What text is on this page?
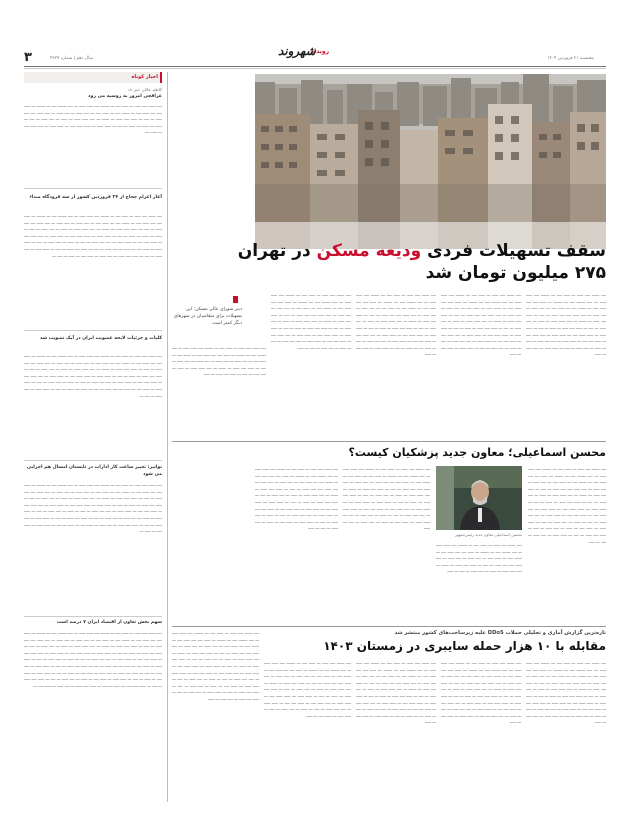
۳	سال دهم | شماره ۴۳۲۹
رویداد
شهروند
پنجشنبه ۲۱ فروردین ۱۴۰۴
اخبار کوتاه
کاظم جلالی خبر داد
عراقچی امروز به روسیه می رود
ــــ ــــــ ــــ ـــــ ـــ ـــــ ــــ ـــ ـــــــ ــــ ـــــ ـــــ ـــ ــــ ـــــــ ــــ ـــ ـــــــ ـــ ـــــ ــــ ــــ ـــــ ــــ ـــ ــــــ ــــ ـــ ـــــ ــــ ـــ ــــ ـــــ ـــ ــــ ـــــ ـــ ــــ ـــــ ــــ ــــ ـــــ ـــ ــــ ـــ ـــــ ــــ ـــــ ـــ ــــــ ـــ ــــ ـــــ ـــــ ـــ ـــــ ـــ ــــ ـــــ ـــ ــــ ـــ ـــــ ــــ ـــــ ـــ ـــــ ـــ ــــ ـــ ـــــ ـــــ ـــ ـــــ ـــــ ــــ ـــ ـــــ ـــــ ـــ ــــ ـــــ ــــ ـــ ـــــ ــــ
آغاز اعزام حجاج از ۲۴ فروردین کشور از سه فرودگاه مبداء
ــــ ــــــ ــــ ـــــ ـــ ـــــ ــــ ـــ ـــــــ ــــ ـــــ ـــــ ـــ ــــ ـــــــ ــــ ـــ ـــــــ ـــ ـــــ ــــ ــــ ـــــ ــــ ـــ ــــــ ــــ ـــ ـــــ ــــ ـــ ــــ ـــــ ـــ ــــ ـــــ ـــ ــــ ـــــ ــــ ــــ ـــــ ـــ ــــ ـــ ـــــ ــــ ـــــ ـــ ــــــ ـــ ــــ ـــــ ـــــ ـــ ـــــ ـــ ــــ ـــــ ـــ ــــ ـــ ـــــ ــــ ـــــ ـــ ـــــ ـــ ــــ ـــ ـــــ ـــــ ـــ ـــــ ـــــ ــــ ـــ ـــــ ـــــ ـــ ــــ ـــــ ــــ ـــ ـــــ ــــ ــــ ـــ ـــــ ـــــ ـــ ــــ ــــ ـــــ ـــ ــــ ـــ ـــــ ـــ ــــ ـــــ ـــ ــــ ـــ ـــــ ـــــ ـــ ـــــ ــــ ـــ ـــــ ـــ ــــ ـــــ ـــ ــــ ـــ ـــــ ــــ ـــــ ـــ ــــ ـــ ـــــ ـــــ ـــ ــــ ـــــ ـــ ــــ ـــ ـــــ ــــ ـــــ ـــ ــــ ـــــ ـــ ـــــ ــــ ـــ ـــــ ـــ ــــ ـــ
کلیات و جزئیات لایحه عضویت ایران در آپک تصویب شد
ــــ ــــــ ــــ ـــــ ـــ ـــــ ــــ ـــ ـــــــ ــــ ـــــ ـــــ ـــ ــــ ـــــــ ــــ ـــ ـــــــ ـــ ـــــ ــــ ــــ ـــــ ــــ ـــ ــــــ ــــ ـــ ـــــ ــــ ـــ ــــ ـــــ ـــ ــــ ـــــ ـــ ــــ ـــــ ــــ ــــ ـــــ ـــ ــــ ـــ ـــــ ــــ ـــــ ـــ ــــــ ـــ ــــ ـــــ ـــــ ـــ ـــــ ـــ ــــ ـــــ ـــ ــــ ـــ ـــــ ــــ ـــــ ـــ ـــــ ـــ ــــ ـــ ـــــ ـــــ ـــ ـــــ ـــــ ــــ ـــ ـــــ ـــــ ـــ ــــ ـــــ ــــ ـــ ـــــ ــــ ــــ ـــ ـــــ ـــــ ـــ ــــ ــــ ـــــ ـــ ــــ ـــ ـــــ ـــ ــــ ـــــ ـــ ــــ ـــ ـــــ ـــــ ـــ ـــــ ــــ ـــ ـــــ ـــ ــــ ـــــ ـــ ــــ ـــ ـــــ ــــ ـــــ ـــ ــــ ـــ ـــــ ـــــ ـــ ــــ ـــــ ـــ ــــ ـــ
توانیر: تغییر ساعت کار ادارات در تابستان امسال هم اجرایی می شود
ــــ ــــــ ــــ ـــــ ـــ ـــــ ــــ ـــ ـــــــ ــــ ـــــ ـــــ ـــ ــــ ـــــــ ــــ ـــ ـــــــ ـــ ـــــ ــــ ــــ ـــــ ــــ ـــ ــــــ ــــ ـــ ـــــ ــــ ـــ ــــ ـــــ ـــ ــــ ـــــ ـــ ــــ ـــــ ــــ ــــ ـــــ ـــ ــــ ـــ ـــــ ــــ ـــــ ـــ ــــــ ـــ ــــ ـــــ ـــــ ـــ ـــــ ـــ ــــ ـــــ ـــ ــــ ـــ ـــــ ــــ ـــــ ـــ ـــــ ـــ ــــ ـــ ـــــ ـــــ ـــ ـــــ ـــــ ــــ ـــ ـــــ ـــــ ـــ ــــ ـــــ ــــ ـــ ـــــ ــــ ــــ ـــ ـــــ ـــــ ـــ ــــ ــــ ـــــ ـــ ــــ ـــ ـــــ ـــ ــــ ـــــ ـــ ــــ ـــ ـــــ ـــــ ـــ ـــــ ــــ ـــ ـــــ ـــ ــــ ـــــ ـــ ــــ ـــ ـــــ ــــ ـــــ ـــ ــــ ـــ ـــــ ـــــ ـــ ــــ ـــــ ـــ ــــ ـــ ـــــ ــــ ـــــ ـــ ــــ ـــــ ـــ ـــــ ــــ ـــ ـــــ ـــ ــــ ـــ ـــــ ـــــ ـــ ـــــ ــــ ـــ ـــــ ـــ
سهم بخش تعاون از اقتصاد ایران ۷ درصد است
ــــ ــــــ ــــ ـــــ ـــ ـــــ ــــ ـــ ـــــــ ــــ ـــــ ـــــ ـــ ــــ ـــــــ ــــ ـــ ـــــــ ـــ ـــــ ــــ ــــ ـــــ ــــ ـــ ــــــ ــــ ـــ ـــــ ــــ ـــ ــــ ـــــ ـــ ــــ ـــــ ـــ ــــ ـــــ ــــ ــــ ـــــ ـــ ــــ ـــ ـــــ ــــ ـــــ ـــ ــــــ ـــ ــــ ـــــ ـــــ ـــ ـــــ ـــ ــــ ـــــ ـــ ــــ ـــ ـــــ ــــ ـــــ ـــ ـــــ ـــ ــــ ـــ ـــــ ـــــ ـــ ـــــ ـــــ ــــ ـــ ـــــ ـــــ ـــ ــــ ـــــ ــــ ـــ ـــــ ــــ ــــ ـــ ـــــ ـــــ ـــ ــــ ــــ ـــــ ـــ ــــ ـــ ـــــ ـــ ــــ ـــــ ـــ ــــ ـــ ـــــ ـــــ ـــ ـــــ ــــ ـــ ـــــ ـــ ــــ ـــــ ـــ ــــ ـــ ـــــ ــــ ـــــ ـــ ــــ ـــ ـــــ ـــــ ـــ ــــ ـــــ ـــ ــــ ـــ ـــــ ــــ ـــــ ـــ ــــ ـــــ ـــ ـــــ ــــ ـــ ـــــ ـــ ــــ ـــ ـــــ ـــــ ـــ ـــــ ــــ ـــ ـــــ ـــ ــــ ـــ ـــــ ـــــ ـــ ـــــ ــــ ـــ ـــــ ـــ ــــ ـــــ ـــ ــــ ـــ ـــــ ــــ ـــــ ـــ ــــ ـــ ـــــ ـــــ ـــ ــــ ـــــ ـــ ــــ ـــ ـــــ ــــ ـــــ ـــ ــــ ـــــ ـــ ـــــ ــــ ـــ
سقف تسهیلات فردی ودیعه مسکن در تهران
۲۷۵ میلیون تومان شد
ــــ ــــــ ــــ ـــــ ـــ ـــــ ــــ ـــ ـــــــ ــــ ـــــ ـــــ ـــ ــــ ـــــــ ــــ ـــ ـــــــ ـــ ـــــ ــــ ــــ ـــــ ــــ ـــ ــــــ ــــ ـــ ـــــ ــــ ـــ ــــ ـــــ ـــ ــــ ـــــ ـــ ــــ ـــــ ــــ ــــ ـــــ ـــ ــــ ـــ ـــــ ــــ ـــــ ـــ ــــــ ـــ ــــ ـــــ ـــــ ـــ ـــــ ـــ ــــ ـــــ ـــ ــــ ـــ ـــــ ــــ ـــــ ـــ ـــــ ـــ ــــ ـــ ـــــ ـــــ ـــ ـــــ ـــــ ــــ ـــ ـــــ ـــــ ـــ ــــ ـــــ ــــ ـــ ـــــ ــــ ــــ ـــ ـــــ ـــــ ـــ ــــ ــــ ـــــ ـــ ــــ ـــ ـــــ ـــ ــــ ـــــ ـــ ــــ ـــ ـــــ ـــــ ـــ ـــــ ــــ ـــ ـــــ
ــــ ــــــ ــــ ـــــ ـــ ـــــ ــــ ـــ ـــــــ ــــ ـــــ ـــــ ـــ ــــ ـــــــ ــــ ـــ ـــــــ ـــ ـــــ ــــ ــــ ـــــ ــــ ـــ ــــــ ــــ ـــ ـــــ ــــ ـــ ــــ ـــــ ـــ ــــ ـــــ ـــ ــــ ـــــ ــــ ــــ ـــــ ـــ ــــ ـــ ـــــ ــــ ـــــ ـــ ــــــ ـــ ــــ ـــــ ـــــ ـــ ـــــ ـــ ــــ ـــــ ـــ ــــ ـــ ـــــ ــــ ـــــ ـــ ـــــ ـــ ــــ ـــ ـــــ ـــــ ـــ ـــــ ـــــ ــــ ـــ ـــــ ـــــ ـــ ــــ ـــــ ــــ ـــ ـــــ ــــ ــــ ـــ ـــــ ـــــ ـــ ــــ ــــ ـــــ ـــ ــــ ـــ ـــــ ـــ ــــ ـــــ ـــ ــــ ـــ ـــــ ـــــ ـــ ـــــ ــــ ـــ ـــــ
ــــ ــــــ ــــ ـــــ ـــ ـــــ ــــ ـــ ـــــــ ــــ ـــــ ـــــ ـــ ــــ ـــــــ ــــ ـــ ـــــــ ـــ ـــــ ــــ ــــ ـــــ ــــ ـــ ــــــ ــــ ـــ ـــــ ــــ ـــ ــــ ـــــ ـــ ــــ ـــــ ـــ ــــ ـــــ ــــ ــــ ـــــ ـــ ــــ ـــ ـــــ ــــ ـــــ ـــ ــــــ ـــ ــــ ـــــ ـــــ ـــ ـــــ ـــ ــــ ـــــ ـــ ــــ ـــ ـــــ ــــ ـــــ ـــ ـــــ ـــ ــــ ـــ ـــــ ـــــ ـــ ـــــ ـــــ ــــ ـــ ـــــ ـــــ ـــ ــــ ـــــ ــــ ـــ ـــــ ــــ ــــ ـــ ـــــ ـــــ ـــ ــــ ــــ ـــــ ـــ ــــ ـــ ـــــ ـــ ــــ ـــــ ـــ ــــ ـــ ـــــ ـــــ ـــ ـــــ ــــ ـــ ـــــ
ــــ ــــــ ــــ ـــــ ـــ ـــــ ــــ ـــ ـــــــ ــــ ـــــ ـــــ ـــ ــــ ـــــــ ــــ ـــ ـــــــ ـــ ـــــ ــــ ــــ ـــــ ــــ ـــ ــــــ ــــ ـــ ـــــ ــــ ـــ ــــ ـــــ ـــ ــــ ـــــ ـــ ــــ ـــــ ــــ ــــ ـــــ ـــ ــــ ـــ ـــــ ــــ ـــــ ـــ ــــــ ـــ ــــ ـــــ ـــــ ـــ ـــــ ـــ ــــ ـــــ ـــ ــــ ـــ ـــــ ــــ ـــــ ـــ ـــــ ـــ ــــ ـــ ـــــ ـــــ ـــ ـــــ ـــــ ــــ ـــ ـــــ ـــــ ـــ ــــ ـــــ ــــ ـــ ـــــ ــــ ــــ ـــ ـــــ ـــــ ـــ ــــ ــــ ـــــ ـــ ــــ ـــ ـــــ ـــ ــــ ـــــ ـــ ــــ ـــ ـــــ
دبیر شورای عالی مسکن: این تسهیلات برای متقاضیان در شهرهای دیگر کمتر است
ــــ ــــــ ــــ ـــــ ـــ ـــــ ــــ ـــ ـــــــ ــــ ـــــ ـــــ ـــ ــــ ـــــــ ــــ ـــ ـــــــ ـــ ـــــ ــــ ــــ ـــــ ــــ ـــ ــــــ ــــ ـــ ـــــ ــــ ـــ ــــ ـــــ ـــ ــــ ـــــ ـــ ــــ ـــــ ــــ ــــ ـــــ ـــ ــــ ـــ ـــــ ــــ ـــــ ـــ ــــــ ـــ ــــ ـــــ ـــــ ـــ ـــــ ـــ ــــ ـــــ ـــ ــــ ـــ ـــــ ــــ ـــــ ـــ ـــــ
محسن اسماعیلی؛ معاون جدید پزشکیان کیست؟
ــــ ــــــ ــــ ـــــ ـــ ـــــ ــــ ـــ ـــــــ ــــ ـــــ ـــــ ـــ ــــ ـــــــ ــــ ـــ ـــــــ ـــ ـــــ ــــ ــــ ـــــ ــــ ـــ ــــــ ــــ ـــ ـــــ ــــ ـــ ــــ ـــــ ـــ ــــ ـــــ ـــ ــــ ـــــ ــــ ــــ ـــــ ـــ ــــ ـــ ـــــ ــــ ـــــ ـــ ــــــ ـــ ــــ ـــــ ـــــ ـــ ـــــ ـــ ــــ ـــــ ـــ ــــ ـــ ـــــ ــــ ـــــ ـــ ـــــ ـــ ــــ ـــ ـــــ ـــــ ـــ ـــــ ـــــ ــــ ـــ ـــــ ـــــ ـــ ــــ ـــــ ــــ ـــ ـــــ ــــ ــــ ـــ ـــــ ـــــ ـــ ــــ ــــ ـــــ ـــ ــــ ـــ ـــــ ـــ ــــ ـــــ ـــ ــــ ـــ ـــــ ـــــ ـــ ـــــ ــــ ـــ ـــــ ـــ ــــ ـــــ ـــ ــــ ـــ ـــــ ــــ ـــــ ـــ ــــ ـــ ـــــ ـــــ ـــ ــــ ـــــ ـــ ــــ ـــ ـــــ
محسن اسماعیلی معاون جدید رئیس‌جمهور
ــــ ــــــ ــــ ـــــ ـــ ـــــ ــــ ـــ ـــــــ ــــ ـــــ ـــــ ـــ ــــ ـــــــ ــــ ـــ ـــــــ ـــ ـــــ ــــ ــــ ـــــ ــــ ـــ ــــــ ــــ ـــ ـــــ ــــ ـــ ــــ ـــــ ـــ ــــ ـــــ ـــ ــــ ـــــ ــــ ــــ ـــــ ـــ ــــ ـــ ـــــ ــــ ـــــ ـــ ــــــ ـــ ــــ ـــــ ـــــ ـــ ـــــ ـــ ــــ ـــــ ـــ ــــ ـــ ـــــ
ــــ ــــــ ــــ ـــــ ـــ ـــــ ــــ ـــ ـــــــ ــــ ـــــ ـــــ ـــ ــــ ـــــــ ــــ ـــ ـــــــ ـــ ـــــ ــــ ــــ ـــــ ــــ ـــ ــــــ ــــ ـــ ـــــ ــــ ـــ ــــ ـــــ ـــ ــــ ـــــ ـــ ــــ ـــــ ــــ ــــ ـــــ ـــ ــــ ـــ ـــــ ــــ ـــــ ـــ ــــــ ـــ ــــ ـــــ ـــــ ـــ ـــــ ـــ ــــ ـــــ ـــ ــــ ـــ ـــــ ــــ ـــــ ـــ ـــــ ـــ ــــ ـــ ـــــ ـــــ ـــ ـــــ ـــــ ــــ ـــ ـــــ ـــــ ـــ ــــ ـــــ ــــ ـــ ـــــ ــــ ــــ ـــ ـــــ ـــــ ـــ ــــ ــــ ـــــ ـــ ــــ ـــ ـــــ ـــ ــــ ـــــ ـــ ــــ ـــ ـــــ ـــــ ـــ ـــــ ــــ ـــ ـــــ ـــ ــــ ـــــ ـــ ــــ ـــ ـــــ
ــــ ــــــ ــــ ـــــ ـــ ـــــ ــــ ـــ ـــــــ ــــ ـــــ ـــــ ـــ ــــ ـــــــ ــــ ـــ ـــــــ ـــ ـــــ ــــ ــــ ـــــ ــــ ـــ ــــــ ــــ ـــ ـــــ ــــ ـــ ــــ ـــــ ـــ ــــ ـــــ ـــ ــــ ـــــ ــــ ــــ ـــــ ـــ ــــ ـــ ـــــ ــــ ـــــ ـــ ــــــ ـــ ــــ ـــــ ـــــ ـــ ـــــ ـــ ــــ ـــــ ـــ ــــ ـــ ـــــ ــــ ـــــ ـــ ـــــ ـــ ــــ ـــ ـــــ ـــــ ـــ ـــــ ـــــ ــــ ـــ ـــــ ـــــ ـــ ــــ ـــــ ــــ ـــ ـــــ ــــ ــــ ـــ ـــــ ـــــ ـــ ــــ ــــ ـــــ ـــ ــــ ـــ ـــــ ـــ ــــ ـــــ ـــ ــــ ـــ ـــــ ـــــ ـــ ـــــ ــــ ـــ ـــــ ـــ ــــ ـــــ ـــ ــــ ـــ ـــــ
تازه‌ترین گزارش آماری و تحلیلی حملات DDoS علیه زیرساخت‌های کشور منتشر شد
مقابله با ۱۰ هزار حمله سایبری در زمستان ۱۴۰۳
ــــ ــــــ ــــ ـــــ ـــ ـــــ ــــ ـــ ـــــــ ــــ ـــــ ـــــ ـــ ــــ ـــــــ ــــ ـــ ـــــــ ـــ ـــــ ــــ ــــ ـــــ ــــ ـــ ــــــ ــــ ـــ ـــــ ــــ ـــ ــــ ـــــ ـــ ــــ ـــــ ـــ ــــ ـــــ ــــ ــــ ـــــ ـــ ــــ ـــ ـــــ ــــ ـــــ ـــ ــــــ ـــ ــــ ـــــ ـــــ ـــ ـــــ ـــ ــــ ـــــ ـــ ــــ ـــ ـــــ ــــ ـــــ ـــ ـــــ ـــ ــــ ـــ ـــــ ـــــ ـــ ـــــ ـــــ ــــ ـــ ـــــ ـــــ ـــ ــــ ـــــ ــــ ـــ ـــــ ــــ ــــ ـــ ـــــ ـــــ ـــ ــــ ــــ ـــــ ـــ ــــ ـــ ـــــ ـــ ــــ ـــــ ـــ ــــ ـــ ـــــ ـــــ ـــ ـــــ ــــ ـــ ـــــ
ــــ ــــــ ــــ ـــــ ـــ ـــــ ــــ ـــ ـــــــ ــــ ـــــ ـــــ ـــ ــــ ـــــــ ــــ ـــ ـــــــ ـــ ـــــ ــــ ــــ ـــــ ــــ ـــ ــــــ ــــ ـــ ـــــ ــــ ـــ ــــ ـــــ ـــ ــــ ـــــ ـــ ــــ ـــــ ــــ ــــ ـــــ ـــ ــــ ـــ ـــــ ــــ ـــــ ـــ ــــــ ـــ ــــ ـــــ ـــــ ـــ ـــــ ـــ ــــ ـــــ ـــ ــــ ـــ ـــــ ــــ ـــــ ـــ ـــــ ـــ ــــ ـــ ـــــ ـــــ ـــ ـــــ ـــــ ــــ ـــ ـــــ ـــــ ـــ ــــ ـــــ ــــ ـــ ـــــ ــــ ــــ ـــ ـــــ ـــــ ـــ ــــ ــــ ـــــ ـــ ــــ ـــ ـــــ ـــ ــــ ـــــ ـــ ــــ ـــ ـــــ ـــــ ـــ ـــــ ــــ ـــ ـــــ
ــــ ــــــ ــــ ـــــ ـــ ـــــ ــــ ـــ ـــــــ ــــ ـــــ ـــــ ـــ ــــ ـــــــ ــــ ـــ ـــــــ ـــ ـــــ ــــ ــــ ـــــ ــــ ـــ ــــــ ــــ ـــ ـــــ ــــ ـــ ــــ ـــــ ـــ ــــ ـــــ ـــ ــــ ـــــ ــــ ــــ ـــــ ـــ ــــ ـــ ـــــ ــــ ـــــ ـــ ــــــ ـــ ــــ ـــــ ـــــ ـــ ـــــ ـــ ــــ ـــــ ـــ ــــ ـــ ـــــ ــــ ـــــ ـــ ـــــ ـــ ــــ ـــ ـــــ ـــــ ـــ ـــــ ـــــ ــــ ـــ ـــــ ـــــ ـــ ــــ ـــــ ــــ ـــ ـــــ ــــ ــــ ـــ ـــــ ـــــ ـــ ــــ ــــ ـــــ ـــ ــــ ـــ ـــــ ـــ ــــ ـــــ ـــ ــــ ـــ ـــــ ـــــ ـــ ـــــ ــــ ـــ ـــــ
ــــ ــــــ ــــ ـــــ ـــ ـــــ ــــ ـــ ـــــــ ــــ ـــــ ـــــ ـــ ــــ ـــــــ ــــ ـــ ـــــــ ـــ ـــــ ــــ ــــ ـــــ ــــ ـــ ــــــ ــــ ـــ ـــــ ــــ ـــ ــــ ـــــ ـــ ــــ ـــــ ـــ ــــ ـــــ ــــ ــــ ـــــ ـــ ــــ ـــ ـــــ ــــ ـــــ ـــ ــــــ ـــ ــــ ـــــ ـــــ ـــ ـــــ ـــ ــــ ـــــ ـــ ــــ ـــ ـــــ ــــ ـــــ ـــ ـــــ ـــ ــــ ـــ ـــــ ـــــ ـــ ـــــ ـــــ ــــ ـــ ـــــ ـــــ ـــ ــــ ـــــ ــــ ـــ ـــــ ــــ ــــ ـــ ـــــ ـــــ ـــ ــــ ــــ ـــــ ـــ ــــ ـــ ـــــ ـــ ــــ ـــــ ـــ ــــ ـــ ـــــ ـــــ ـــ ـــــ ــــ ـــ ـــــ
ــــ ــــــ ــــ ـــــ ـــ ـــــ ــــ ـــ ـــــــ ــــ ـــــ ـــــ ـــ ــــ ـــــــ ــــ ـــ ـــــــ ـــ ـــــ ــــ ــــ ـــــ ــــ ـــ ــــــ ــــ ـــ ـــــ ــــ ـــ ــــ ـــــ ـــ ــــ ـــــ ـــ ــــ ـــــ ــــ ــــ ـــــ ـــ ــــ ـــ ـــــ ــــ ـــــ ـــ ــــــ ـــ ــــ ـــــ ـــــ ـــ ـــــ ـــ ــــ ـــــ ـــ ــــ ـــ ـــــ ــــ ـــــ ـــ ـــــ ـــ ــــ ـــ ـــــ ـــــ ـــ ـــــ ـــــ ــــ ـــ ـــــ ـــــ ـــ ــــ ـــــ ــــ ـــ ـــــ ــــ ــــ ـــ ـــــ ـــــ ـــ ــــ ــــ ـــــ ـــ ــــ ـــ ـــــ ـــ ــــ ـــــ ـــ ــــ ـــ ـــــ ـــــ ـــ ـــــ ــــ ـــ ـــــ ـــ ــــ ـــــ ـــ ــــ ـــ ـــــ ــــ ـــــ ـــ ــــ ـــ ـــــ ـــــ ـــ ــــ ـــــ ـــ ــــ ـــ ـــــ ــــ ـــــ ـــ ــــ ـــــ ـــ ـــــ
